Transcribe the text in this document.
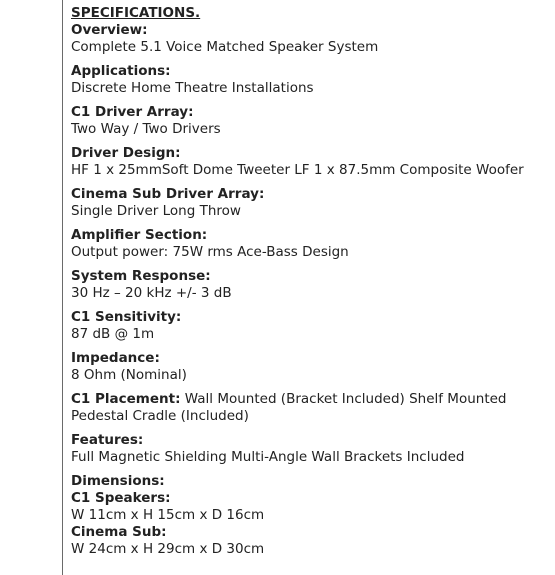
SPECIFICATIONS.
Overview:
Complete 5.1 Voice Matched Speaker System
Applications:
Discrete Home Theatre Installations
C1 Driver Array:
Two Way / Two Drivers
Driver Design:
HF 1 x 25mmSoft Dome Tweeter LF 1 x 87.5mm Composite Woofer
Cinema Sub Driver Array:
Single Driver Long Throw
Amplifier Section:
Output power: 75W rms Ace-Bass Design
System Response:
30 Hz – 20 kHz +/- 3 dB
C1 Sensitivity:
87 dB @ 1m
Impedance:
8 Ohm (Nominal)
C1 Placement: Wall Mounted (Bracket Included) Shelf Mounted Pedestal Cradle (Included)
Features:
Full Magnetic Shielding Multi-Angle Wall Brackets Included
Dimensions:
C1 Speakers:
W 11cm x H 15cm x D 16cm
Cinema Sub:
W 24cm x H 29cm x D 30cm
